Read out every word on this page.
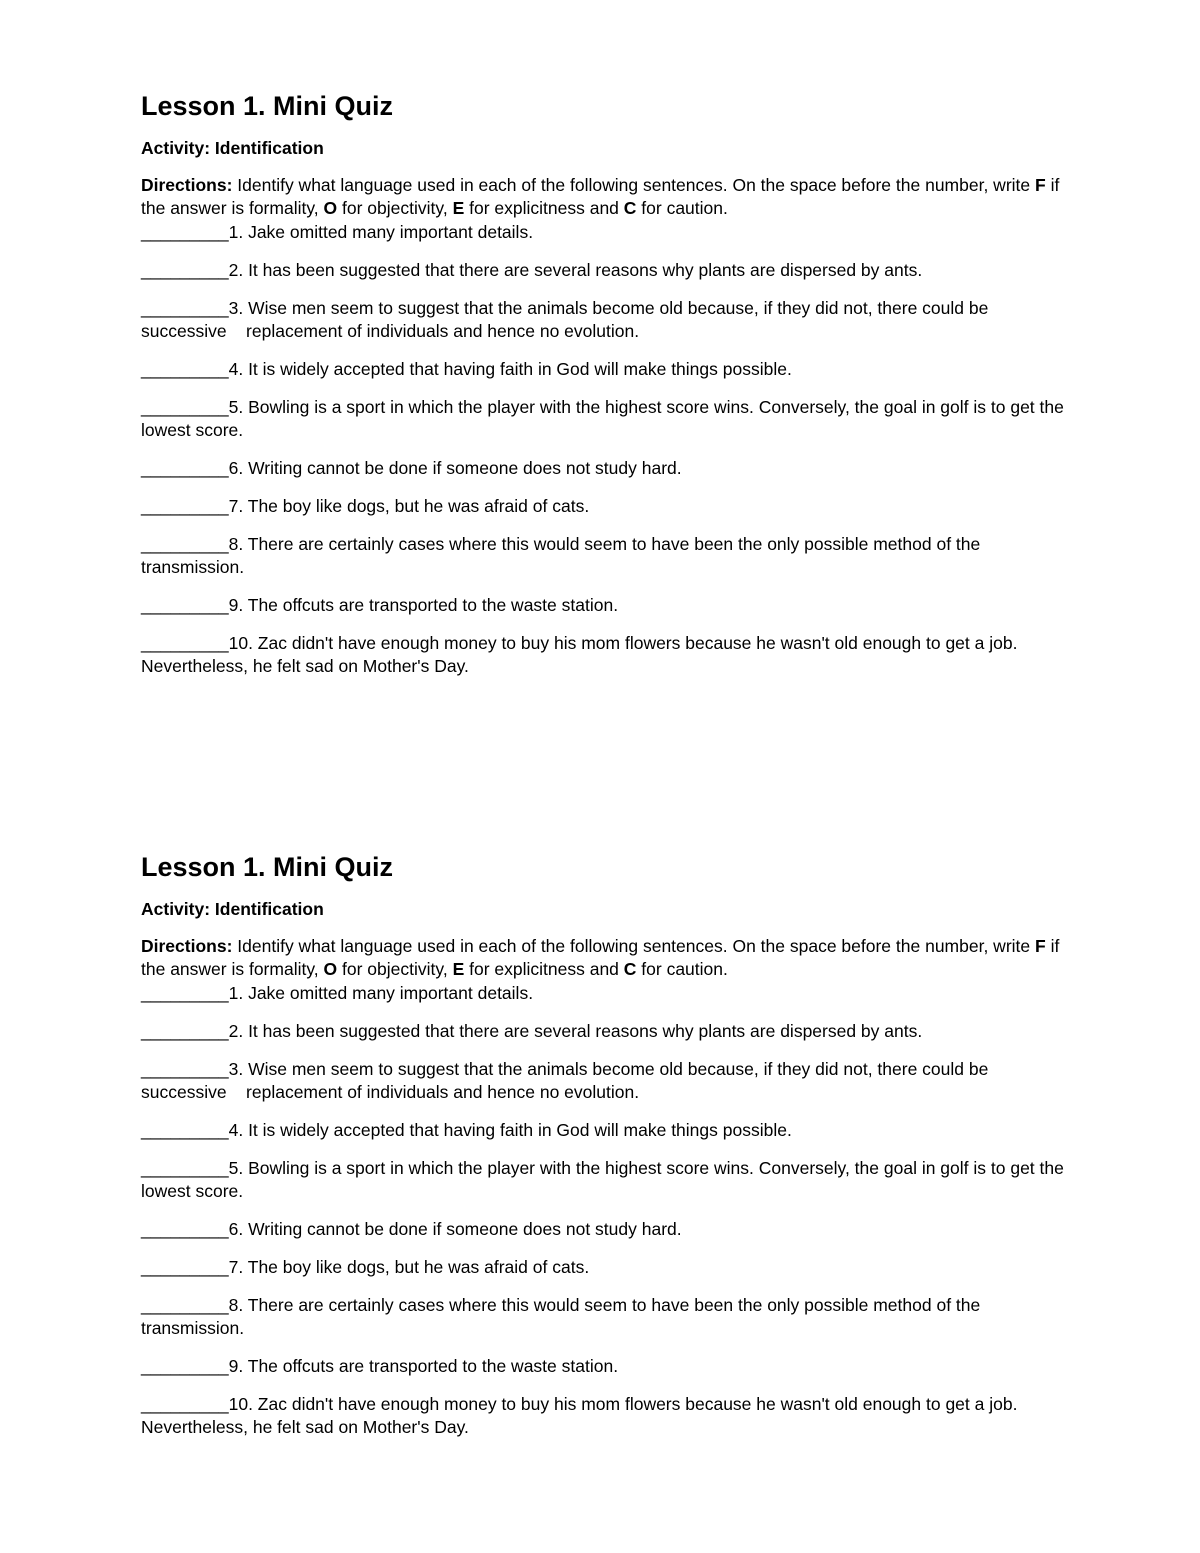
Lesson 1. Mini Quiz

Activity: Identification

Directions: Identify what language used in each of the following sentences. On the space before the number, write F if the answer is formality, O for objectivity, E for explicitness and C for caution.

_________1. Jake omitted many important details.

_________2. It has been suggested that there are several reasons why plants are dispersed by ants.

_________3. Wise men seem to suggest that the animals become old because, if they did not, there could be successive    replacement of individuals and hence no evolution.

_________4. It is widely accepted that having faith in God will make things possible.

_________5. Bowling is a sport in which the player with the highest score wins. Conversely, the goal in golf is to get the lowest score.

_________6. Writing cannot be done if someone does not study hard.

_________7. The boy like dogs, but he was afraid of cats.

_________8. There are certainly cases where this would seem to have been the only possible method of the transmission.

_________9. The offcuts are transported to the waste station.

_________10. Zac didn't have enough money to buy his mom flowers because he wasn't old enough to get a job. Nevertheless, he felt sad on Mother's Day.

Lesson 1. Mini Quiz

Activity: Identification

Directions: Identify what language used in each of the following sentences. On the space before the number, write F if the answer is formality, O for objectivity, E for explicitness and C for caution.

_________1. Jake omitted many important details.

_________2. It has been suggested that there are several reasons why plants are dispersed by ants.

_________3. Wise men seem to suggest that the animals become old because, if they did not, there could be successive    replacement of individuals and hence no evolution.

_________4. It is widely accepted that having faith in God will make things possible.

_________5. Bowling is a sport in which the player with the highest score wins. Conversely, the goal in golf is to get the lowest score.

_________6. Writing cannot be done if someone does not study hard.

_________7. The boy like dogs, but he was afraid of cats.

_________8. There are certainly cases where this would seem to have been the only possible method of the transmission.

_________9. The offcuts are transported to the waste station.

_________10. Zac didn't have enough money to buy his mom flowers because he wasn't old enough to get a job. Nevertheless, he felt sad on Mother's Day.
